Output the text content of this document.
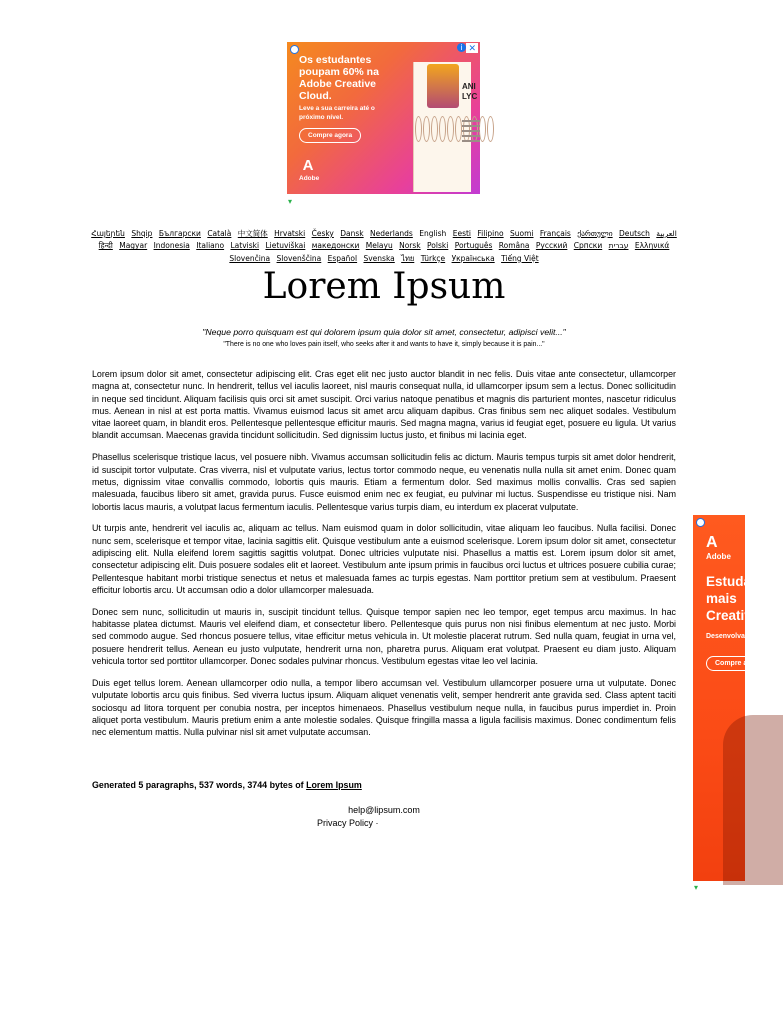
i ✕
Os estudantes poupam 60% na Adobe Creative Cloud.
Leve a sua carreira até o próximo nível.
Compre agora
A
Adobe
ANI LYC
▾
Հայերեն Shqip	‫العربية Български Català 中文简体 Hrvatski Česky Dansk Nederlands English Eesti Filipino Suomi Français ქართული Deutsch Ελληνικά ‫עברית हिन्दी Magyar Indonesia Italiano Latviski Lietuviškai македонски Melayu Norsk Polski Português Româna Pyccкий Српски Slovenčina Slovenščina Español Svenska ไทย Türkçe Українська Tiếng Việt
Lorem Ipsum
"Neque porro quisquam est qui dolorem ipsum quia dolor sit amet, consectetur, adipisci velit..."
"There is no one who loves pain itself, who seeks after it and wants to have it, simply because it is pain..."

Lorem ipsum dolor sit amet, consectetur adipiscing elit. Cras eget elit nec justo auctor blandit in nec felis. Duis vitae ante consectetur, ullamcorper magna at, consectetur nunc. In hendrerit, tellus vel iaculis laoreet, nisl mauris consequat nulla, id ullamcorper ipsum sem a lectus. Donec sollicitudin in neque sed tincidunt. Aliquam facilisis quis orci sit amet suscipit. Orci varius natoque penatibus et magnis dis parturient montes, nascetur ridiculus mus. Aenean in nisl at est porta mattis. Vivamus euismod lacus sit amet arcu aliquam dapibus. Cras finibus sem nec aliquet sodales. Vestibulum vitae laoreet quam, in blandit eros. Pellentesque pellentesque efficitur mauris. Sed magna magna, varius id feugiat eget, posuere eu ligula. Ut varius blandit accumsan. Maecenas gravida tincidunt sollicitudin. Sed dignissim luctus justo, et finibus mi lacinia eget.

Phasellus scelerisque tristique lacus, vel posuere nibh. Vivamus accumsan sollicitudin felis ac dictum. Mauris tempus turpis sit amet dolor hendrerit, id suscipit tortor vulputate. Cras viverra, nisl et vulputate varius, lectus tortor commodo neque, eu venenatis nulla nulla sit amet enim. Donec quam metus, dignissim vitae convallis commodo, lobortis quis mauris. Etiam a fermentum dolor. Sed maximus mollis convallis. Cras sed sapien malesuada, faucibus libero sit amet, gravida purus. Fusce euismod enim nec ex feugiat, eu pulvinar mi luctus. Suspendisse eu tristique nisi. Nam lobortis lacus mauris, a volutpat lacus fermentum iaculis. Pellentesque varius turpis diam, eu interdum ex placerat vulputate.

Ut turpis ante, hendrerit vel iaculis ac, aliquam ac tellus. Nam euismod quam in dolor sollicitudin, vitae aliquam leo faucibus. Nulla facilisi. Donec nunc sem, scelerisque et tempor vitae, lacinia sagittis elit. Quisque vestibulum ante a euismod scelerisque. Lorem ipsum dolor sit amet, consectetur adipiscing elit. Nulla eleifend lorem sagittis sagittis volutpat. Donec ultricies vulputate nisi. Phasellus a mattis est. Lorem ipsum dolor sit amet, consectetur adipiscing elit. Duis posuere sodales elit et laoreet. Vestibulum ante ipsum primis in faucibus orci luctus et ultrices posuere cubilia curae; Pellentesque habitant morbi tristique senectus et netus et malesuada fames ac turpis egestas. Nam porttitor pretium sem at vestibulum. Praesent efficitur lobortis arcu. Ut accumsan odio a dolor ullamcorper malesuada.

Donec sem nunc, sollicitudin ut mauris in, suscipit tincidunt tellus. Quisque tempor sapien nec leo tempor, eget tempus arcu maximus. In hac habitasse platea dictumst. Mauris vel eleifend diam, et consectetur libero. Pellentesque quis purus non nisi finibus elementum at nec justo. Morbi sed commodo augue. Sed rhoncus posuere tellus, vitae efficitur metus vehicula in. Ut molestie placerat rutrum. Sed nulla quam, feugiat in urna vel, posuere hendrerit tellus. Aenean eu justo vulputate, hendrerit urna non, pharetra purus. Aliquam erat volutpat. Praesent eu diam justo. Aliquam vehicula tortor sed porttitor ullamcorper. Donec sodales pulvinar rhoncus. Vestibulum egestas vitae leo vel lacinia.

Duis eget tellus lorem. Aenean ullamcorper odio nulla, a tempor libero accumsan vel. Vestibulum ullamcorper posuere urna ut vulputate. Donec vulputate lobortis arcu quis finibus. Sed viverra luctus ipsum. Aliquam aliquet venenatis velit, semper hendrerit ante gravida sed. Class aptent taciti sociosqu ad litora torquent per conubia nostra, per inceptos himenaeos. Phasellus vestibulum neque nulla, in faucibus purus imperdiet in. Proin aliquet porta vestibulum. Mauris pretium enim a ante molestie sodales. Quisque fringilla massa a ligula facilisis maximus. Donec condimentum felis nec elementum mattis. Nulla pulvinar nisl sit amet vulputate accumsan.

Generated 5 paragraphs, 537 words, 3744 bytes of Lorem Ipsum
help@lipsum.com
Privacy Policy ·
A
Adobe
Estudantes mais Creative
Desenvolva
Compre agora
▾
